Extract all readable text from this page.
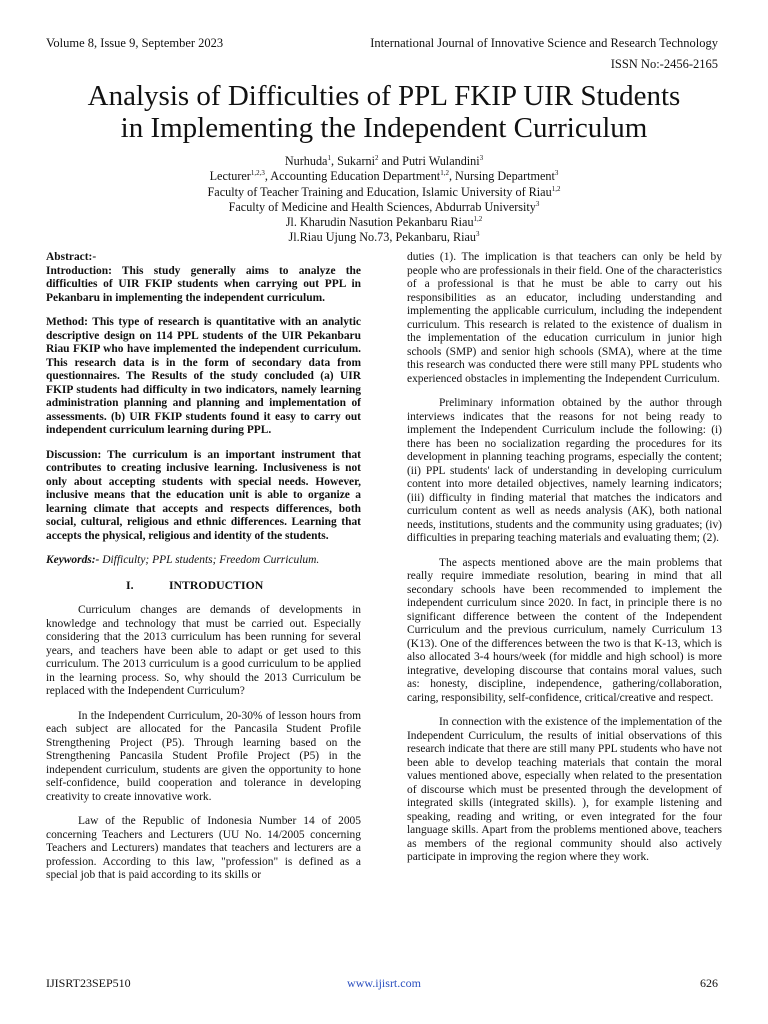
Volume 8, Issue 9, September 2023	International Journal of Innovative Science and Research Technology
ISSN No:-2456-2165
Analysis of Difficulties of PPL FKIP UIR Students
in Implementing the Independent Curriculum
Nurhuda$^1$, Sukarni$^2$ and Putri Wulandini$^3$
Lecturer$^{1,2,3}$, Accounting Education Department$^{1,2}$, Nursing Department$^3$
Faculty of Teacher Training and Education, Islamic University of Riau$^{1,2}$
Faculty of Medicine and Health Sciences, Abdurrab University$^3$
Jl. Kharudin Nasution Pekanbaru Riau$^{1,2}$
Jl.Riau Ujung No.73, Pekanbaru, Riau$^3$

Abstract:-
Introduction: This study generally aims to analyze the difficulties of UIR FKIP students when carrying out PPL in Pekanbaru in implementing the independent curriculum.

Method: This type of research is quantitative with an analytic descriptive design on 114 PPL students of the UIR Pekanbaru Riau FKIP who have implemented the independent curriculum. This research data is in the form of secondary data from questionnaires. The Results of the study concluded (a) UIR FKIP students had difficulty in two indicators, namely learning administration planning and planning and implementation of assessments. (b) UIR FKIP students found it easy to carry out independent curriculum learning during PPL.

Discussion: The curriculum is an important instrument that contributes to creating inclusive learning. Inclusiveness is not only about accepting students with special needs. However, inclusive means that the education unit is able to organize a learning climate that accepts and respects differences, both social, cultural, religious and ethnic differences. Learning that accepts the physical, religious and identity of the students.

Keywords:- Difficulty; PPL students; Freedom Curriculum.

I.	INTRODUCTION

Curriculum changes are demands of developments in knowledge and technology that must be carried out. Especially considering that the 2013 curriculum has been running for several years, and teachers have been able to adapt or get used to this curriculum. The 2013 curriculum is a good curriculum to be applied in the learning process. So, why should the 2013 Curriculum be replaced with the Independent Curriculum?

In the Independent Curriculum, 20-30% of lesson hours from each subject are allocated for the Pancasila Student Profile Strengthening Project (P5). Through learning based on the Strengthening Pancasila Student Profile Project (P5) in the independent curriculum, students are given the opportunity to hone self-confidence, build cooperation and tolerance in developing creativity to create innovative work.

Law of the Republic of Indonesia Number 14 of 2005 concerning Teachers and Lecturers (UU No. 14/2005 concerning Teachers and Lecturers) mandates that teachers and lecturers are a profession. According to this law, "profession" is defined as a special job that is paid according to its skills or

duties (1). The implication is that teachers can only be held by people who are professionals in their field. One of the characteristics of a professional is that he must be able to carry out his responsibilities as an educator, including understanding and implementing the applicable curriculum, including the independent curriculum. This research is related to the existence of dualism in the implementation of the education curriculum in junior high schools (SMP) and senior high schools (SMA), where at the time this research was conducted there were still many PPL students who experienced obstacles in implementing the Independent Curriculum.

Preliminary information obtained by the author through interviews indicates that the reasons for not being ready to implement the Independent Curriculum include the following: (i) there has been no socialization regarding the procedures for its development in planning teaching programs, especially the content; (ii) PPL students' lack of understanding in developing curriculum content into more detailed objectives, namely learning indicators; (iii) difficulty in finding material that matches the indicators and curriculum content as well as needs analysis (AK), both national needs, institutions, students and the community using graduates; (iv) difficulties in preparing teaching materials and evaluating them; (2).

The aspects mentioned above are the main problems that really require immediate resolution, bearing in mind that all secondary schools have been recommended to implement the independent curriculum since 2020. In fact, in principle there is no significant difference between the content of the Independent Curriculum and the previous curriculum, namely Curriculum 13 (K13). One of the differences between the two is that K-13, which is also allocated 3-4 hours/week (for middle and high school) is more integrative, developing discourse that contains moral values, such as: honesty, discipline, independence, gathering/collaboration, caring, responsibility, self-confidence, critical/creative and respect.

In connection with the existence of the implementation of the Independent Curriculum, the results of initial observations of this research indicate that there are still many PPL students who have not been able to develop teaching materials that contain the moral values mentioned above, especially when related to the presentation of discourse which must be presented through the development of integrated skills (integrated skills). ), for example listening and speaking, reading and writing, or even integrated for the four language skills. Apart from the problems mentioned above, teachers as members of the regional community should also actively participate in improving the region where they work.

IJISRT23SEP510	www.ijisrt.com	626
